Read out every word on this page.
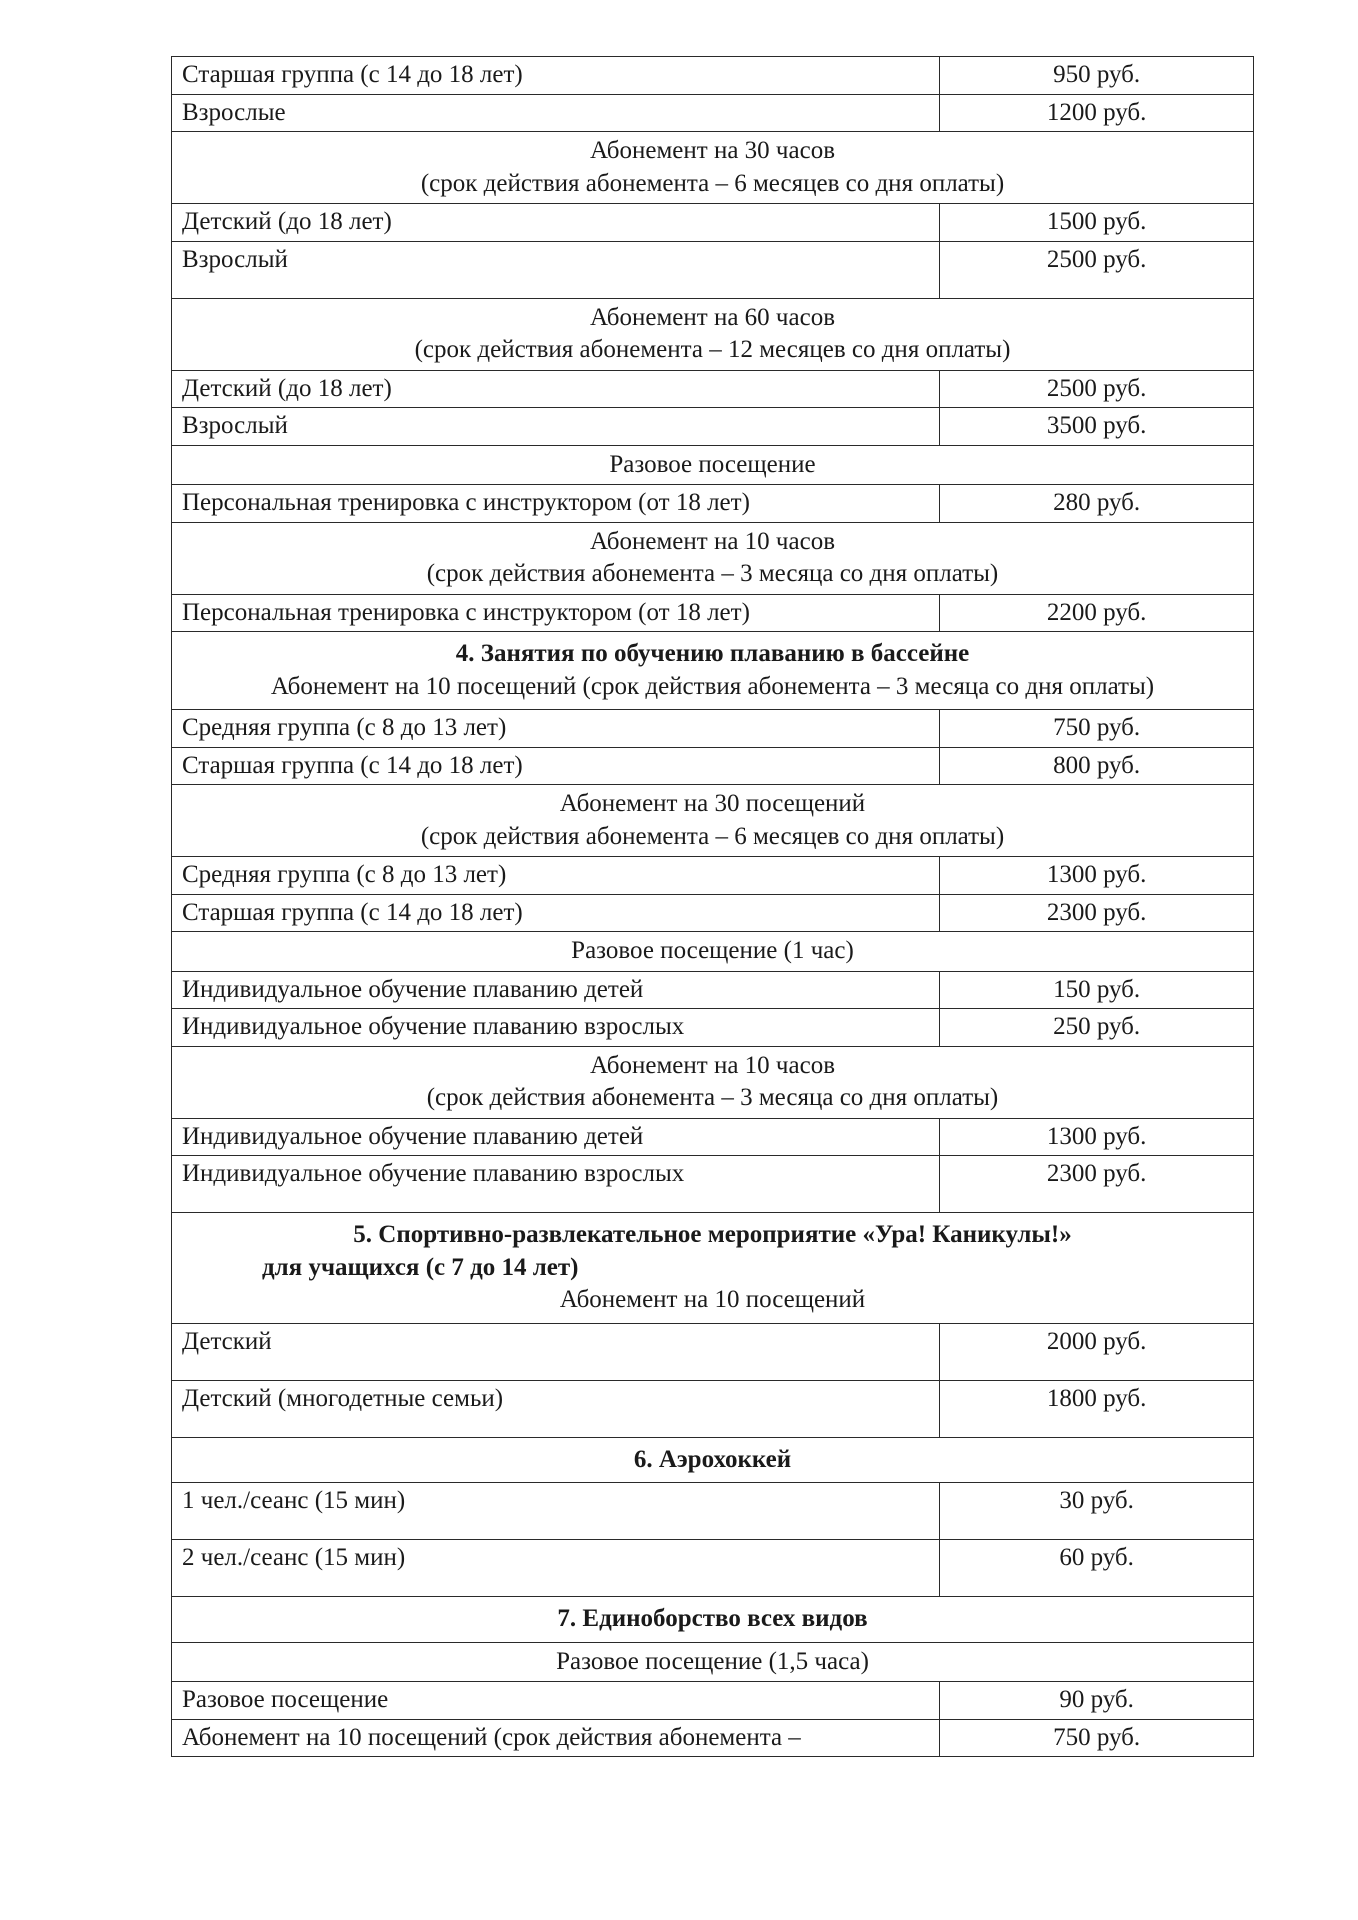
Старшая группа (с 14 до 18 лет)	950 руб.
Взрослые	1200 руб.

Абонемент на 30 часов
(срок действия абонемента – 6 месяцев со дня оплаты)	

Детский (до 18 лет)	1500 руб.
Взрослый	2500 руб.

Абонемент на 60 часов
(срок действия абонемента – 12 месяцев со дня оплаты)	

Детский (до 18 лет)	2500 руб.
Взрослый	3500 руб.

Разовое посещение	

Персональная тренировка с инструктором (от 18 лет)	280 руб.

Абонемент на 10 часов
(срок действия абонемента – 3 месяца со дня оплаты)	

Персональная тренировка с инструктором (от 18 лет)	2200 руб.

4. Занятия по обучению плаванию в бассейне
Абонемент на 10 посещений (срок действия абонемента – 3 месяца со дня оплаты)	

Средняя группа (с 8 до 13 лет)	750 руб.
Старшая группа (с 14 до 18 лет)	800 руб.

Абонемент на 30 посещений
(срок действия абонемента – 6 месяцев со дня оплаты)	

Средняя группа (с 8 до 13 лет)	1300 руб.
Старшая группа (с 14 до 18 лет)	2300 руб.

Разовое посещение (1 час)	

Индивидуальное обучение плаванию детей	150 руб.
Индивидуальное обучение плаванию взрослых	250 руб.

Абонемент на 10 часов
(срок действия абонемента – 3 месяца со дня оплаты)	

Индивидуальное обучение плаванию детей	1300 руб.
Индивидуальное обучение плаванию взрослых	2300 руб.

5. Спортивно-развлекательное мероприятие «Ура! Каникулы!»
для учащихся (с 7 до 14 лет)
Абонемент на 10 посещений	

Детский	2000 руб.
Детский (многодетные семьи)	1800 руб.

6. Аэрохоккей	

1 чел./сеанс (15 мин)	30 руб.
2 чел./сеанс (15 мин)	60 руб.

7. Единоборство всех видов	

Разовое посещение (1,5 часа)	

Разовое посещение	90 руб.
Абонемент на 10 посещений (срок действия абонемента –	750 руб.
